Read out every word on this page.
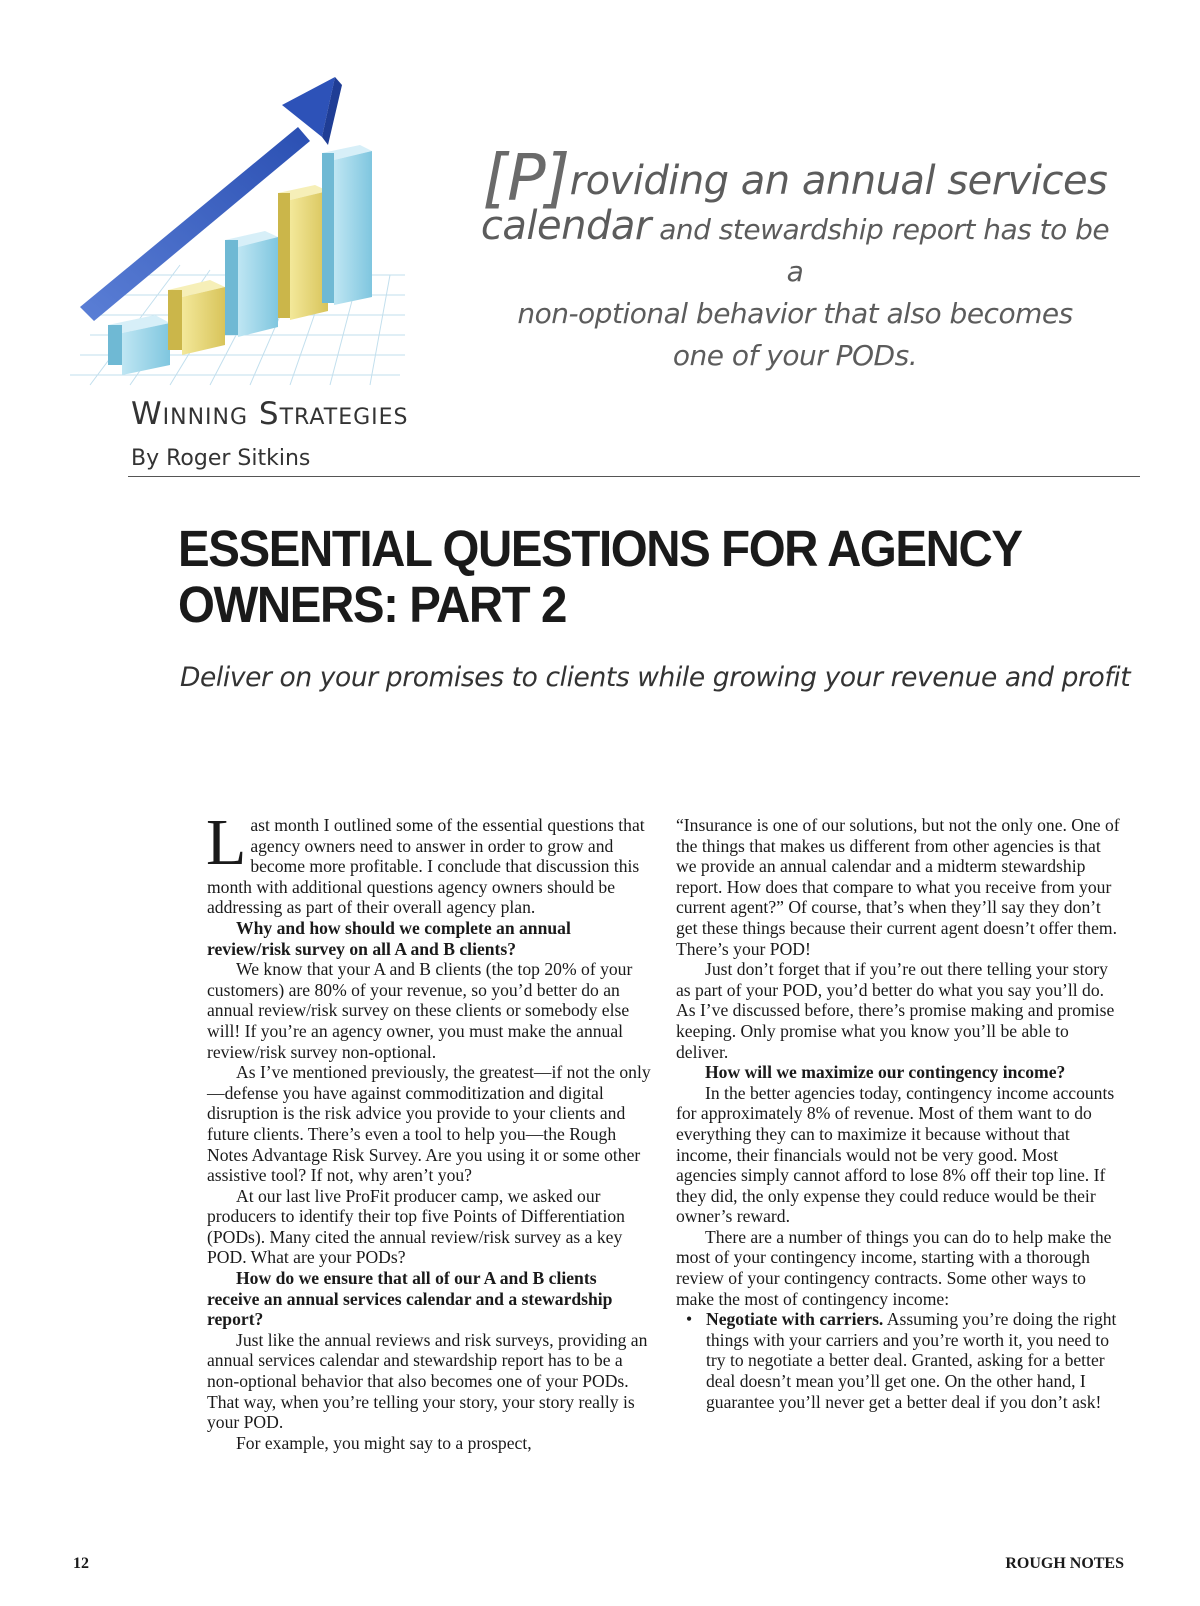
[P]roviding an annual services
calendar and stewardship report has to be a
non-optional behavior that also becomes
one of your PODs.
Winning Strategies
By Roger Sitkins
ESSENTIAL QUESTIONS FOR AGENCY OWNERS: PART 2
Deliver on your promises to clients while growing your revenue and profit

Last month I outlined some of the essential questions that agency owners need to answer in order to grow and become more profitable. I conclude that discussion this month with additional questions agency owners should be addressing as part of their overall agency plan.

Why and how should we complete an annual review/risk survey on all A and B clients?

We know that your A and B clients (the top 20% of your customers) are 80% of your revenue, so you’d better do an annual review/risk survey on these clients or somebody else will! If you’re an agency owner, you must make the annual review/risk survey non-optional.

As I’ve mentioned previously, the greatest—if not the only—defense you have against commoditization and digital disruption is the risk advice you provide to your clients and future clients. There’s even a tool to help you—the Rough Notes Advantage Risk Survey. Are you using it or some other assistive tool? If not, why aren’t you?

At our last live ProFit producer camp, we asked our producers to identify their top five Points of Differentiation (PODs). Many cited the annual review/risk survey as a key POD. What are your PODs?

How do we ensure that all of our A and B clients receive an annual services calendar and a stewardship report?

Just like the annual reviews and risk surveys, providing an annual services calendar and stewardship report has to be a non-optional behavior that also becomes one of your PODs. That way, when you’re telling your story, your story really is your POD.

For example, you might say to a prospect,

“Insurance is one of our solutions, but not the only one. One of the things that makes us different from other agencies is that we provide an annual calendar and a midterm stewardship report. How does that compare to what you receive from your current agent?” Of course, that’s when they’ll say they don’t get these things because their current agent doesn’t offer them. There’s your POD!

Just don’t forget that if you’re out there telling your story as part of your POD, you’d better do what you say you’ll do. As I’ve discussed before, there’s promise making and promise keeping. Only promise what you know you’ll be able to deliver.

How will we maximize our contingency income?

In the better agencies today, contingency income accounts for approximately 8% of revenue. Most of them want to do everything they can to maximize it because without that income, their financials would not be very good. Most agencies simply cannot afford to lose 8% off their top line. If they did, the only expense they could reduce would be their owner’s reward.

There are a number of things you can do to help make the most of your contingency income, starting with a thorough review of your contingency contracts. Some other ways to make the most of contingency income:

• Negotiate with carriers. Assuming you’re doing the right things with your carriers and you’re worth it, you need to try to negotiate a better deal. Granted, asking for a better deal doesn’t mean you’ll get one. On the other hand, I guarantee you’ll never get a better deal if you don’t ask!
12	ROUGH NOTES
